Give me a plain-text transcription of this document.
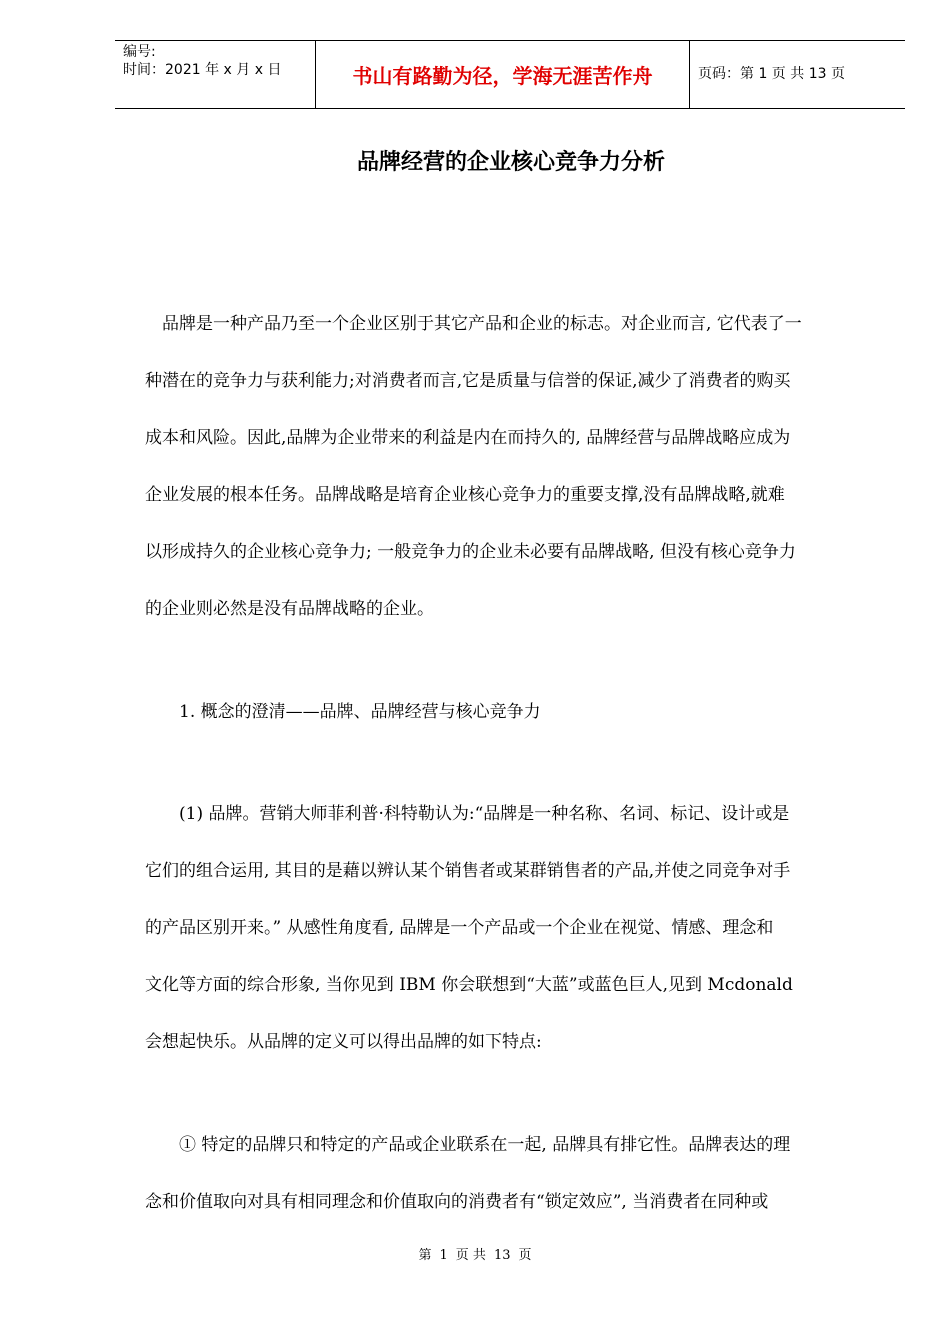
编号:
时间：2021 年 x 月 x 日	书山有路勤为径，学海无涯苦作舟	页码：第 1 页 共 13 页
品牌经营的企业核心竞争力分析
　品牌是一种产品乃至一个企业区别于其它产品和企业的标志。对企业而言, 它代表了一
种潜在的竞争力与获利能力;对消费者而言,它是质量与信誉的保证,减少了消费者的购买
成本和风险。因此,品牌为企业带来的利益是内在而持久的, 品牌经营与品牌战略应成为
企业发展的根本任务。品牌战略是培育企业核心竞争力的重要支撑,没有品牌战略,就难
以形成持久的企业核心竞争力; 一般竞争力的企业未必要有品牌战略, 但没有核心竞争力
的企业则必然是没有品牌战略的企业。
　　1. 概念的澄清——品牌、品牌经营与核心竞争力
　　(1) 品牌。营销大师菲利普·科特勒认为:“品牌是一种名称、名词、标记、设计或是
它们的组合运用, 其目的是藉以辨认某个销售者或某群销售者的产品,并使之同竞争对手
的产品区别开来。” 从感性角度看, 品牌是一个产品或一个企业在视觉、情感、理念和
文化等方面的综合形象, 当你见到 IBM 你会联想到“大蓝”或蓝色巨人,见到 Mcdonald
会想起快乐。从品牌的定义可以得出品牌的如下特点:
　　① 特定的品牌只和特定的产品或企业联系在一起, 品牌具有排它性。品牌表达的理
念和价值取向对具有相同理念和价值取向的消费者有“锁定效应”, 当消费者在同种或
第 1 页 共 13 页
